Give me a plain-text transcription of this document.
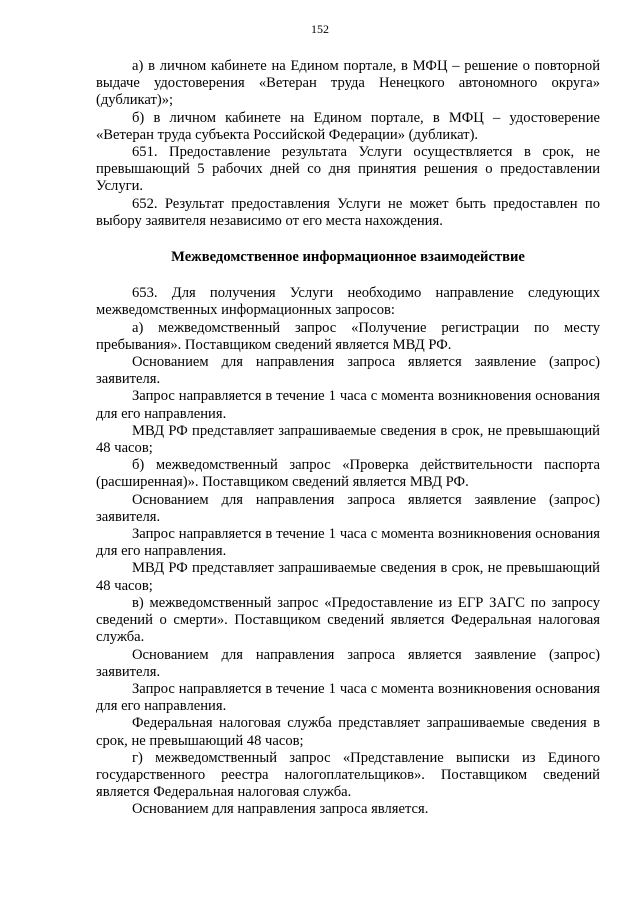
152

а) в личном кабинете на Едином портале, в МФЦ – решение о повторной выдаче удостоверения «Ветеран труда Ненецкого автономного округа» (дубликат)»;

б) в личном кабинете на Едином портале, в МФЦ – удостоверение «Ветеран труда субъекта Российской Федерации» (дубликат).

651. Предоставление результата Услуги осуществляется в срок, не превышающий 5 рабочих дней со дня принятия решения о предоставлении Услуги.

652. Результат предоставления Услуги не может быть предоставлен по выбору заявителя независимо от его места нахождения.

Межведомственное информационное взаимодействие

653. Для получения Услуги необходимо направление следующих межведомственных информационных запросов:

а) межведомственный запрос «Получение регистрации по месту пребывания». Поставщиком сведений является МВД РФ.

Основанием для направления запроса является заявление (запрос) заявителя.

Запрос направляется в течение 1 часа с момента возникновения основания для его направления.

МВД РФ представляет запрашиваемые сведения в срок, не превышающий 48 часов;

б) межведомственный запрос «Проверка действительности паспорта (расширенная)». Поставщиком сведений является МВД РФ.

Основанием для направления запроса является заявление (запрос) заявителя.

Запрос направляется в течение 1 часа с момента возникновения основания для его направления.

МВД РФ представляет запрашиваемые сведения в срок, не превышающий 48 часов;

в) межведомственный запрос «Предоставление из ЕГР ЗАГС по запросу сведений о смерти». Поставщиком сведений является Федеральная налоговая служба.

Основанием для направления запроса является заявление (запрос) заявителя.

Запрос направляется в течение 1 часа с момента возникновения основания для его направления.

Федеральная налоговая служба представляет запрашиваемые сведения в срок, не превышающий 48 часов;

г) межведомственный запрос «Представление выписки из Единого государственного реестра налогоплательщиков». Поставщиком сведений является Федеральная налоговая служба.

Основанием для направления запроса является.
